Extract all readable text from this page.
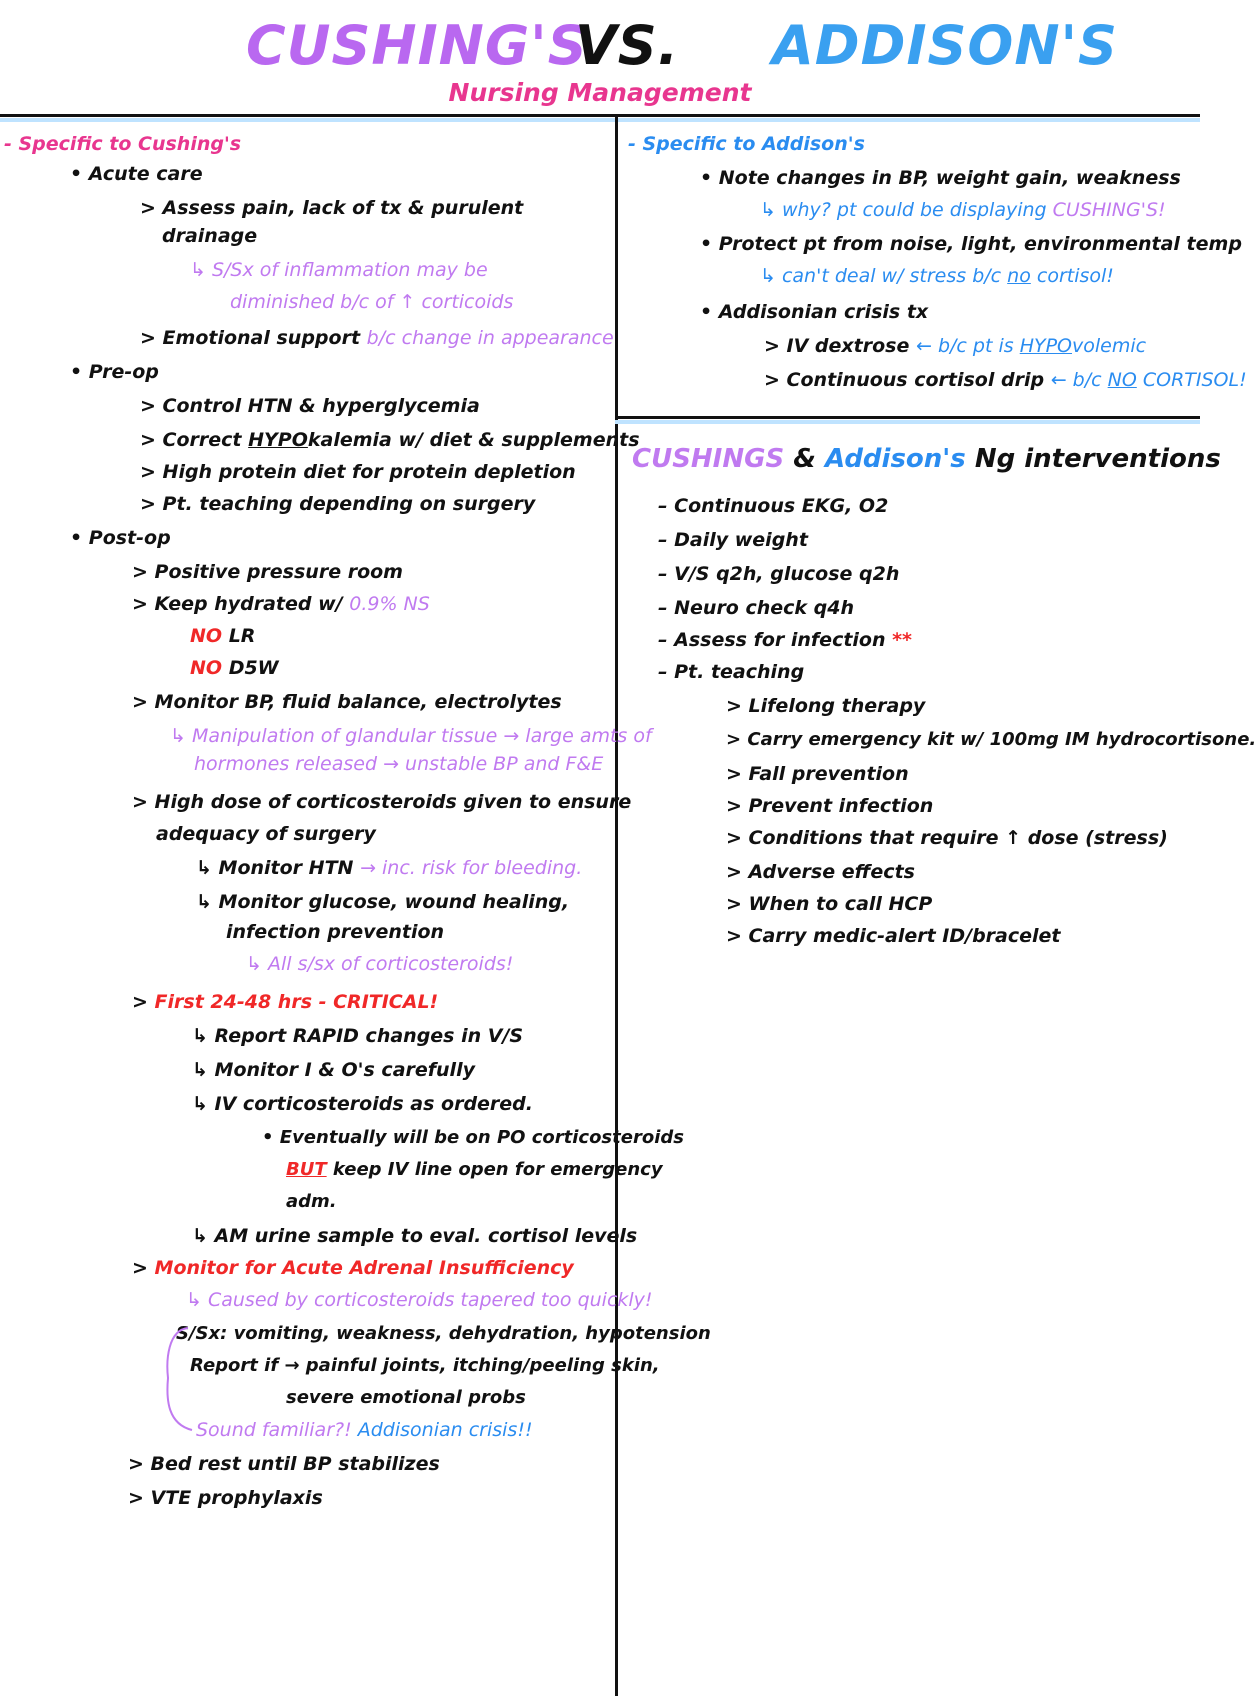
CUSHING'S
VS. ADDISON'S
Nursing Management
- Specific to Cushing's
• Acute care
> Assess pain, lack of tx & purulent
drainage
↳ S/Sx of inflammation may be
diminished b/c of ↑ corticoids
> Emotional support b/c change in appearance
• Pre-op
> Control HTN & hyperglycemia
> Correct HYPOkalemia w/ diet & supplements
> High protein diet for protein depletion
> Pt. teaching depending on surgery
• Post-op
> Positive pressure room
> Keep hydrated w/ 0.9% NS
NO LR
NO D5W
> Monitor BP, fluid balance, electrolytes
↳ Manipulation of glandular tissue → large amts of
hormones released → unstable BP and F&E
> High dose of corticosteroids given to ensure
adequacy of surgery
↳ Monitor HTN → inc. risk for bleeding.
↳ Monitor glucose, wound healing,
infection prevention
↳ All s/sx of corticosteroids!
> First 24-48 hrs - CRITICAL!
↳ Report RAPID changes in V/S
↳ Monitor I & O's carefully
↳ IV corticosteroids as ordered.
• Eventually will be on PO corticosteroids
BUT keep IV line open for emergency
adm.
↳ AM urine sample to eval. cortisol levels
> Monitor for Acute Adrenal Insufficiency
↳ Caused by corticosteroids tapered too quickly!
S/Sx: vomiting, weakness, dehydration, hypotension
Report if → painful joints, itching/peeling skin,
severe emotional probs
Sound familiar?! Addisonian crisis!!
> Bed rest until BP stabilizes
> VTE prophylaxis
- Specific to Addison's
• Note changes in BP, weight gain, weakness
↳ why? pt could be displaying CUSHING'S!
• Protect pt from noise, light, environmental temp
↳ can't deal w/ stress b/c no cortisol!
• Addisonian crisis tx
> IV dextrose ← b/c pt is HYPOvolemic
> Continuous cortisol drip ← b/c NO CORTISOL!
CUSHINGS & Addison's Ng interventions
– Continuous EKG, O2
– Daily weight
– V/S q2h, glucose q2h
– Neuro check q4h
– Assess for infection **
– Pt. teaching
> Lifelong therapy
> Carry emergency kit w/ 100mg IM hydrocortisone.
> Fall prevention
> Prevent infection
> Conditions that require ↑ dose (stress)
> Adverse effects
> When to call HCP
> Carry medic-alert ID/bracelet
